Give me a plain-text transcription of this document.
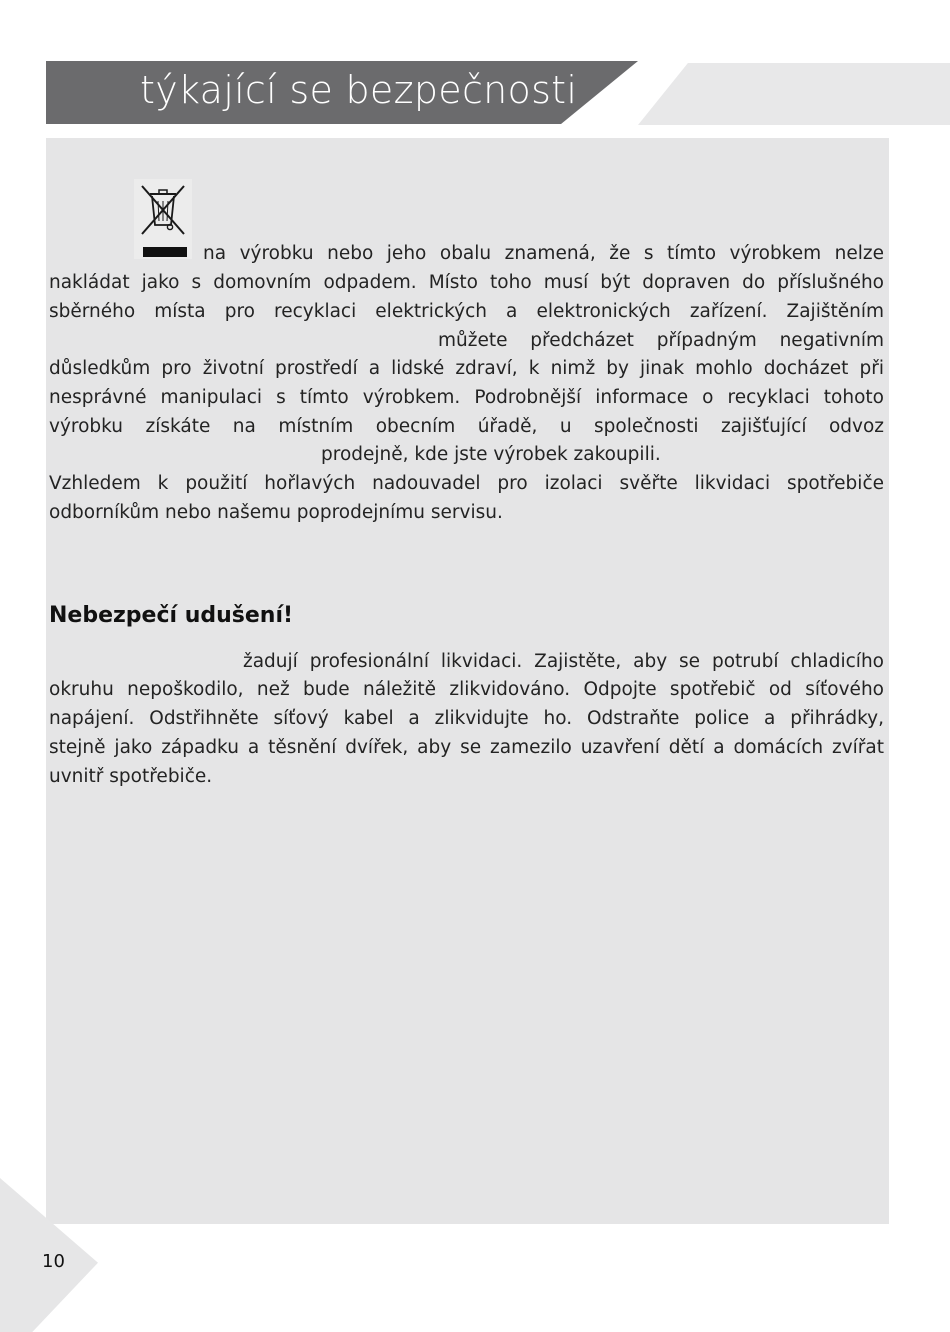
týkající se bezpečnosti
na výrobku nebo jeho obalu znamená, že s tímto výrobkem nelze
nakládat jako s domovním odpadem. Místo toho musí být dopraven do příslušného
sběrného místa pro recyklaci elektrických a elektronických zařízení. Zajištěním
můžete předcházet případným negativním
důsledkům pro životní prostředí a lidské zdraví, k nimž by jinak mohlo docházet při
nesprávné manipulaci s tímto výrobkem. Podrobnější informace o recyklaci tohoto
výrobku získáte na místním obecním úřadě, u společnosti zajišťující odvoz
prodejně, kde jste výrobek zakoupili.
Vzhledem k použití hořlavých nadouvadel pro izolaci svěřte likvidaci spotřebiče
odborníkům nebo našemu poprodejnímu servisu.
Nebezpečí udušení!
žadují profesionální likvidaci. Zajistěte, aby se potrubí chladicího
okruhu nepoškodilo, než bude náležitě zlikvidováno. Odpojte spotřebič od síťového
napájení. Odstřihněte síťový kabel a zlikvidujte ho. Odstraňte police a přihrádky,
stejně jako západku a těsnění dvířek, aby se zamezilo uzavření dětí a domácích zvířat
uvnitř spotřebiče.
10
